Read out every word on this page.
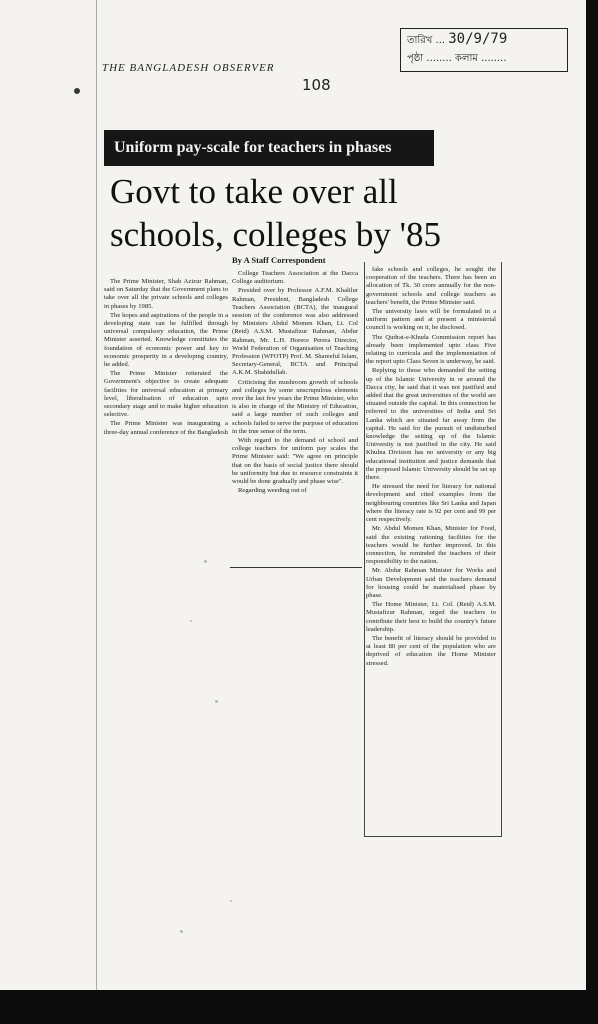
THE BANGLADESH OBSERVER
108
তারিখ ... 30/9/79
পৃষ্ঠা ........ কলাম ........
Uniform pay-scale for teachers in phases
Govt to take over all schools, colleges by '85
By A Staff Correspondent

The Prime Minister, Shah Azizur Rahman, said on Saturday that the Government plans to take over all the private schools and colleges in phases by 1985.

The hopes and aspirations of the people in a developing state can be fulfilled through universal compulsory education, the Prime Minister asserted. Knowledge constitutes the foundation of economic power and key to economic prosperity in a developing country, he added.

The Prime Minister reiterated the Government's objective to create adequate facilities for universal education at primary level, liberalisation of education upto secondary stage and to make higher education selective.

The Prime Minister was inaugurating a three-day annual conference of the Bangladesh

College Teachers Association at the Dacca College auditorium.

Presided over by Professor A.F.M. Khalilur Rahman, President, Bangladesh College Teachers Association (BCTA), the inaugural session of the conference was also addressed by Ministers Abdul Momen Khan, Lt. Col (Retd) A.S.M. Mustafizur Rahman, Abdur Rahman, Mr. L.H. Horece Perera Director, World Federation of Organisation of Teaching Profession (WFOTP) Prof. M. Shareeful Islam, Secretary-General, BCTA and Principal A.K.M. Shahidullah.

Criticising the mushroom growth of schools and colleges by some unscrupulous elements over the last few years the Prime Minister, who is also in charge of the Ministry of Education, said a large number of such colleges and schools failed to serve the purpose of education in the true sense of the term.

With regard to the demand of school and college teachers for uniform pay scales the Prime Minister said: "We agree on principle that on the basis of social justice there should be uniformity but due to resource constraints it would be done gradually and phase wise".

Regarding weeding out of

fake schools and colleges, he sought the cooperation of the teachers. There has been an allocation of Tk. 30 crore annually for the non-government schools and college teachers as teachers' benefit, the Prime Minister said.

The university laws will be formulated in a uniform pattern and at present a ministerial council is working on it, he disclosed.

The Qudrat-e-Khuda Commission report has already been implemented upto class Five relating to curricula and the implementation of the report upto Class Seven is underway, he said.

Replying to those who demanded the setting up of the Islamic University in or around the Dacca city, he said that it was not justified and added that the great universities of the world are situated outside the capital. In this connection he referred to the universities of India and Sri Lanka which are situated far away from the capital. He said for the pursuit of undisturbed knowledge the setting up of the Islamic University is not justified in the city. He said Khulna Division has no university or any big educational institution and justice demands that the proposed Islamic University should be set up there.

He stressed the need for literacy for national development and cited examples from the neighbouring countries like Sri Lanka and Japan where the literacy rate is 92 per cent and 99 per cent respectively.

Mr. Abdul Momen Khan, Minister for Food, said the existing rationing facilities for the teachers would be further improved. In this connection, he reminded the teachers of their responsibility to the nation.

Mr. Abdur Rahman Minister for Works and Urban Development said the teachers demand for housing could be materialised phase by phase.

The Home Minister, Lt. Col. (Retd) A.S.M. Mustafizur Rahman, urged the teachers to contribute their best to build the country's future leadership.

The benefit of literacy should be provided to at least 80 per cent of the population who are deprived of education the Home Minister stressed.
